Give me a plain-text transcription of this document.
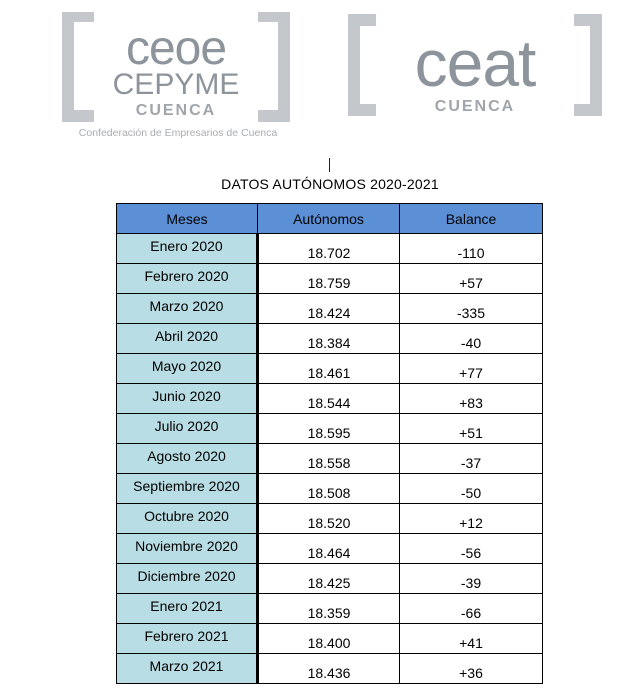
ceoe
CEPYME
CUENCA
Confederación de Empresarios de Cuenca
ceat
CUENCA
DATOS AUTÓNOMOS 2020-2021
Meses	Autónomos	Balance
Enero 2020	18.702	-110
Febrero 2020	18.759	+57
Marzo 2020	18.424	-335
Abril 2020	18.384	-40
Mayo 2020	18.461	+77
Junio 2020	18.544	+83
Julio 2020	18.595	+51
Agosto 2020	18.558	-37
Septiembre 2020	18.508	-50
Octubre 2020	18.520	+12
Noviembre 2020	18.464	-56
Diciembre 2020	18.425	-39
Enero 2021	18.359	-66
Febrero 2021	18.400	+41
Marzo 2021	18.436	+36
